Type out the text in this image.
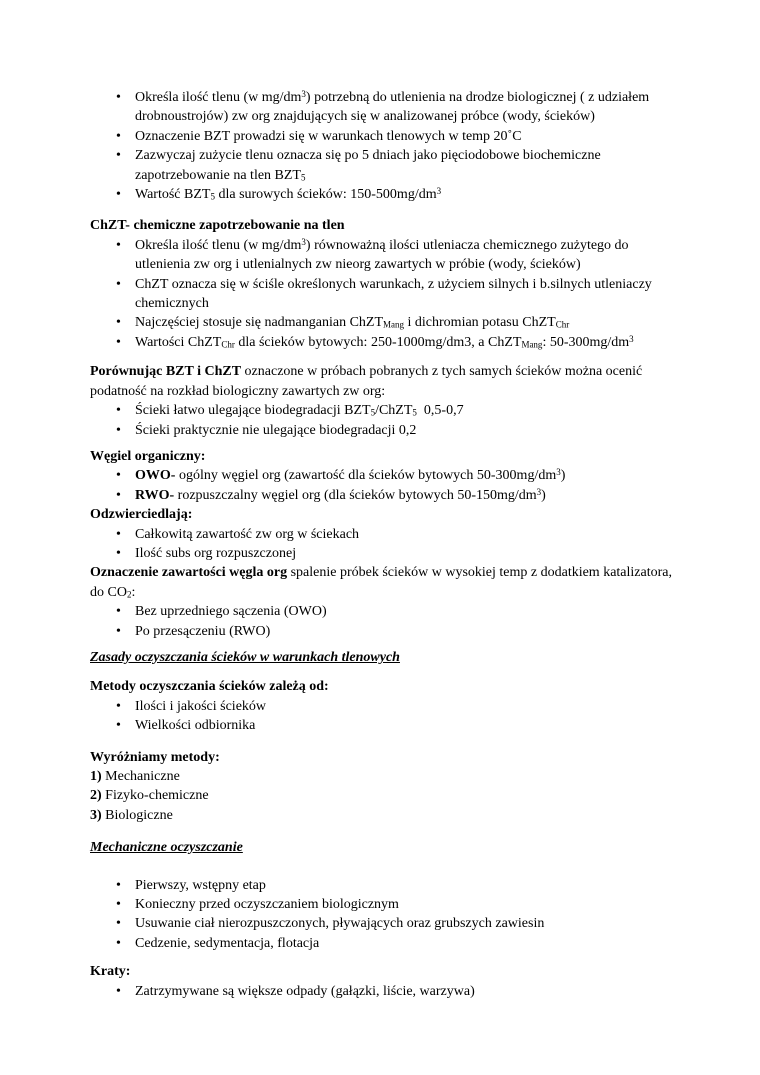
• Określa ilość tlenu (w $mg/dm^3$) potrzebną do utlenienia na drodze biologicznej ( z udziałem drobnoustrojów) zw org znajdujących się w analizowanej próbce (wody, ścieków)
• Oznaczenie BZT prowadzi się w warunkach tlenowych w temp 20˚C
• Zazwyczaj zużycie tlenu oznacza się po 5 dniach jako pięciodobowe biochemiczne zapotrzebowanie na tlen $BZT_5$
• Wartość $BZT_5$ dla surowych ścieków: $150-500mg/dm^3$
ChZT- chemiczne zapotrzebowanie na tlen
• Określa ilość tlenu (w $mg/dm^3$) równoważną ilości utleniacza chemicznego zużytego do utlenienia zw org i utlenialnych zw nieorg zawartych w próbie (wody, ścieków)
• ChZT oznacza się w ściśle określonych warunkach, z użyciem silnych i b.silnych utleniaczy chemicznych
• Najczęściej stosuje się nadmanganian ChZT$_{Mang}$ i dichromian potasu ChZT$_{Chr}$
• Wartości ChZT$_{Chr}$ dla ścieków bytowych: 250-1000mg/dm3, a ChZT$_{Mang}$: $50-300mg/dm^3$

Porównując BZT i ChZT oznaczone w próbach pobranych z tych samych ścieków można ocenić podatność na rozkład biologiczny zawartych zw org:

• Ścieki łatwo ulegające biodegradacji $BZT_5/ChZT_5$  0,5-0,7
• Ścieki praktycznie nie ulegające biodegradacji 0,2
Węgiel organiczny:
• OWO- ogólny węgiel org (zawartość dla ścieków bytowych $50-300mg/dm^3$)
• RWO- rozpuszczalny węgiel org (dla ścieków bytowych $50-150mg/dm^3$)
Odzwierciedlają:
• Całkowitą zawartość zw org w ściekach
• Ilość subs org rozpuszczonej

Oznaczenie zawartości węgla org spalenie próbek ścieków w wysokiej temp z dodatkiem katalizatora, do $CO_2$:

• Bez uprzedniego sączenia (OWO)
• Po przesączeniu (RWO)
Zasady oczyszczania ścieków w warunkach tlenowych
Metody oczyszczania ścieków zależą od:
• Ilości i jakości ścieków
• Wielkości odbiornika
Wyróżniamy metody:
1) Mechaniczne
2) Fizyko-chemiczne
3) Biologiczne
Mechaniczne oczyszczanie
• Pierwszy, wstępny etap
• Konieczny przed oczyszczaniem biologicznym
• Usuwanie ciał nierozpuszczonych, pływających oraz grubszych zawiesin
• Cedzenie, sedymentacja, flotacja
Kraty:
• Zatrzymywane są większe odpady (gałązki, liście, warzywa)
